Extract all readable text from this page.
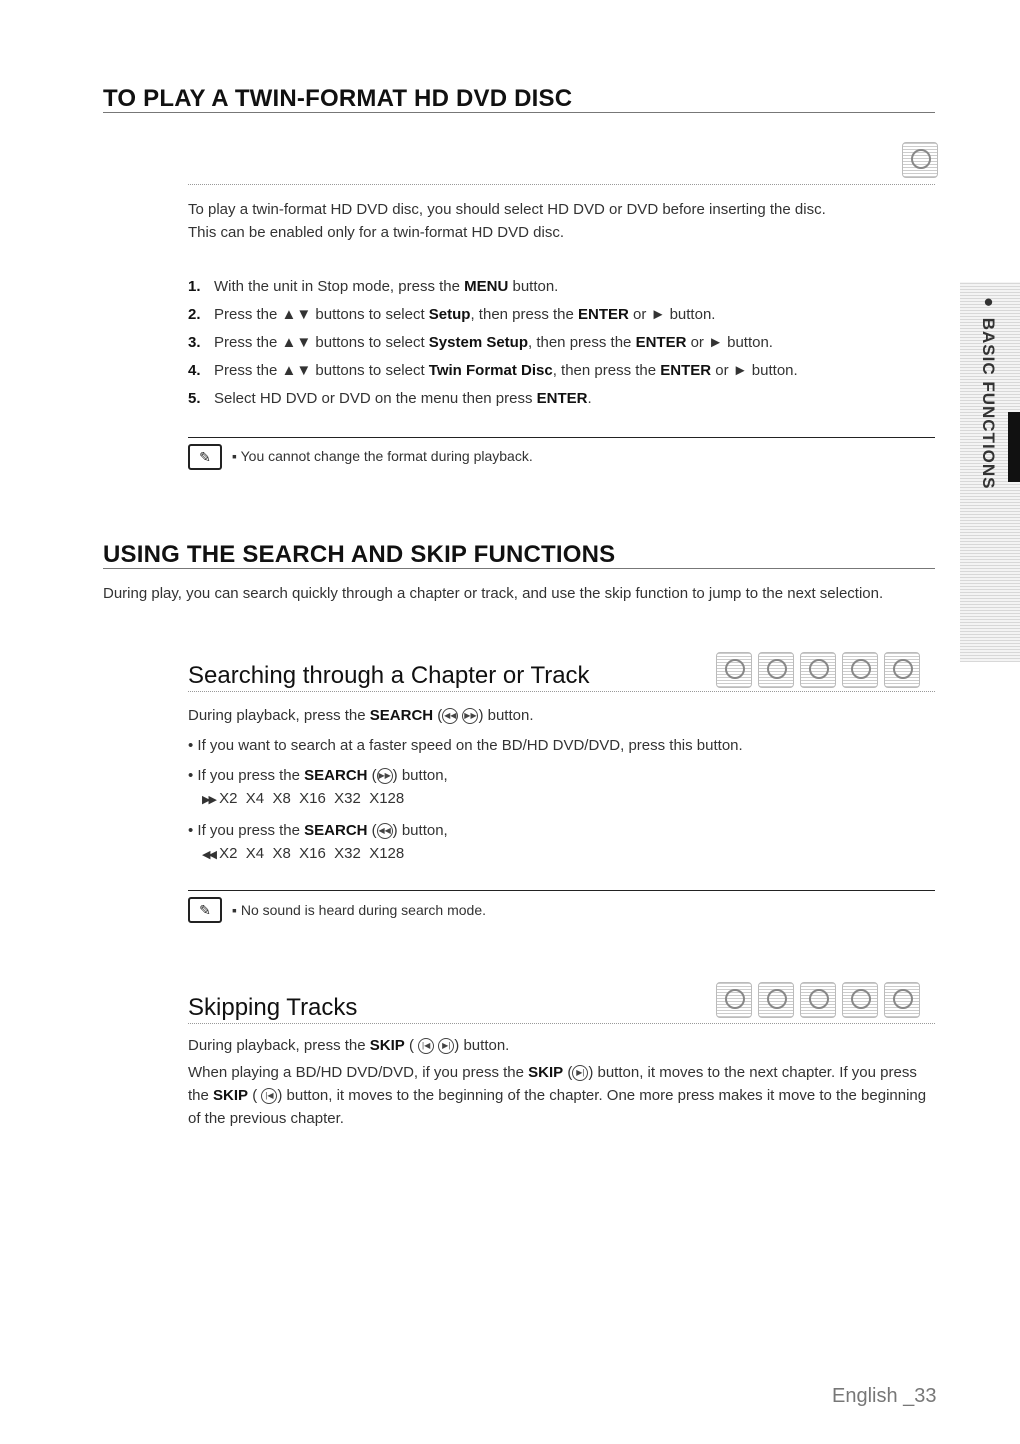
TO PLAY A TWIN-FORMAT HD DVD DISC
To play a twin-format HD DVD disc, you should select HD DVD or DVD before inserting the disc.
This can be enabled only for a twin-format HD DVD disc.
1. With the unit in Stop mode, press the MENU button.
2. Press the ▲▼ buttons to select Setup, then press the ENTER or ► button.
3. Press the ▲▼ buttons to select System Setup, then press the ENTER or ► button.
4. Press the ▲▼ buttons to select Twin Format Disc, then press the ENTER or ► button.
5. Select HD DVD or DVD on the menu then press ENTER.
✎	▪ You cannot change the format during playback.
USING THE SEARCH AND SKIP FUNCTIONS
During play, you can search quickly through a chapter or track, and use the skip function to jump to the next selection.
Searching through a Chapter or Track
During playback, press the SEARCH ( ◀◀ ▶▶ ) button.
• If you want to search at a faster speed on the BD/HD DVD/DVD, press this button.
• If you press the SEARCH ( ▶▶ ) button,
▶▶ X2  X4  X8  X16  X32  X128
• If you press the SEARCH ( ◀◀ ) button,
◀◀ X2  X4  X8  X16  X32  X128
✎	▪ No sound is heard during search mode.
Skipping Tracks
During playback, press the SKIP ( |◀ ▶| ) button.
When playing a BD/HD DVD/DVD, if you press the SKIP ( ▶| ) button, it moves to the next chapter. If you press the SKIP ( |◀ ) button, it moves to the beginning of the chapter. One more press makes it move to the beginning of the previous chapter.
● BASIC FUNCTIONS
English _33
